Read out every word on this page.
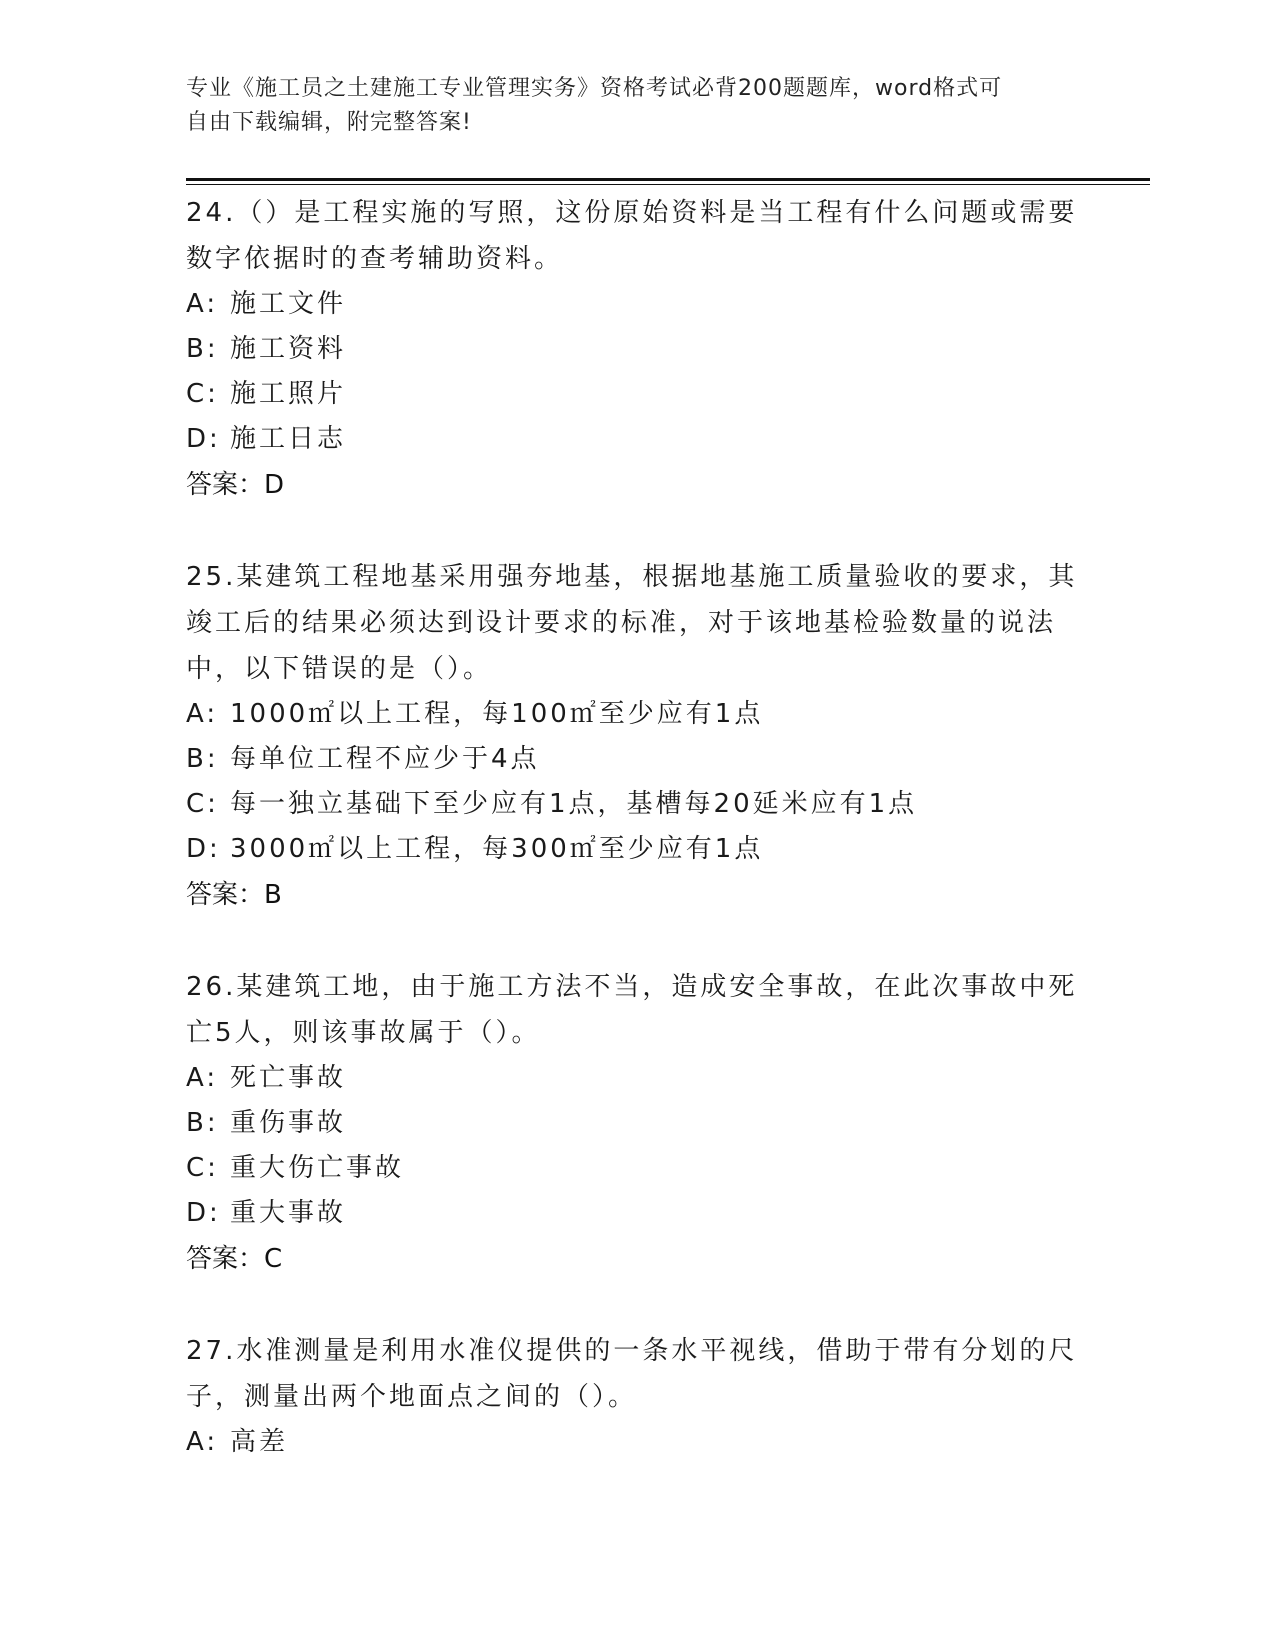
专业《施工员之土建施工专业管理实务》资格考试必背200题题库，word格式可
自由下载编辑，附完整答案!
24.（）是工程实施的写照，这份原始资料是当工程有什么问题或需要
数字依据时的查考辅助资料。
A: 施工文件
B: 施工资料
C: 施工照片
D: 施工日志
答案：D
25.某建筑工程地基采用强夯地基，根据地基施工质量验收的要求，其
竣工后的结果必须达到设计要求的标准，对于该地基检验数量的说法
中，以下错误的是（）。
A: 1000㎡以上工程，每100㎡至少应有1点
B: 每单位工程不应少于4点
C: 每一独立基础下至少应有1点，基槽每20延米应有1点
D: 3000㎡以上工程，每300㎡至少应有1点
答案：B
26.某建筑工地，由于施工方法不当，造成安全事故，在此次事故中死
亡5人，则该事故属于（）。
A: 死亡事故
B: 重伤事故
C: 重大伤亡事故
D: 重大事故
答案：C
27.水准测量是利用水准仪提供的一条水平视线，借助于带有分划的尺
子，测量出两个地面点之间的（）。
A: 高差
